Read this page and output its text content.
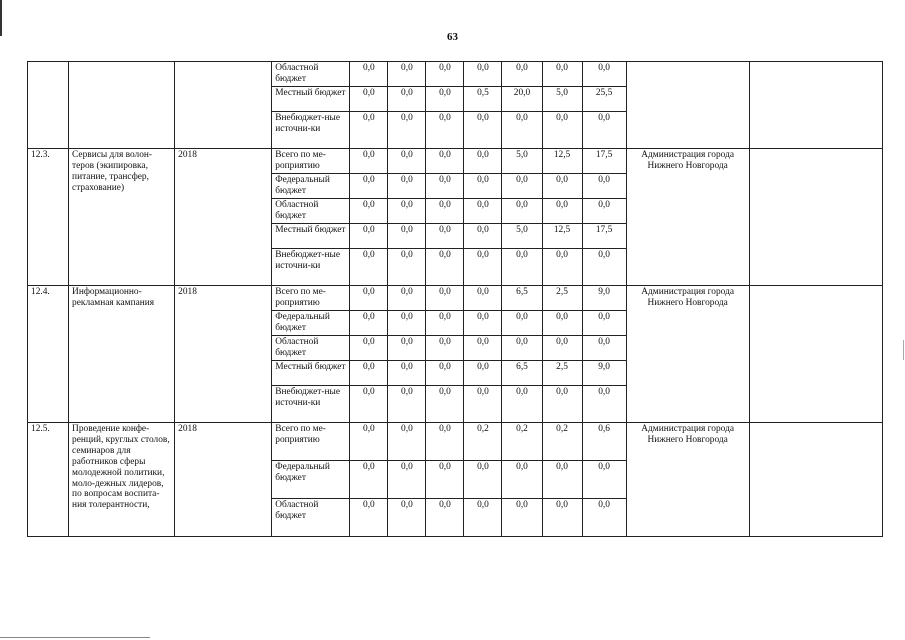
63
			Областной бюджет	0,0	0,0	0,0	0,0	0,0	0,0	0,0		
			Местный бюджет	0,0	0,0	0,0	0,5	20,0	5,0	25,5		
			Внебюджет-ные источни-ки	0,0	0,0	0,0	0,0	0,0	0,0	0,0		
12.3.	Сервисы для волон-теров (экипировка, питание, трансфер, страхование)	2018	Всего по ме-роприятию	0,0	0,0	0,0	0,0	5,0	12,5	17,5	Администрация города Нижнего Новгорода	
			Федеральный бюджет	0,0	0,0	0,0	0,0	0,0	0,0	0,0		
			Областной бюджет	0,0	0,0	0,0	0,0	0,0	0,0	0,0		
			Местный бюджет	0,0	0,0	0,0	0,0	5,0	12,5	17,5		
			Внебюджет-ные источни-ки	0,0	0,0	0,0	0,0	0,0	0,0	0,0		
12.4.	Информационно-рекламная кампания	2018	Всего по ме-роприятию	0,0	0,0	0,0	0,0	6,5	2,5	9,0	Администрация города Нижнего Новгорода	
			Федеральный бюджет	0,0	0,0	0,0	0,0	0,0	0,0	0,0		
			Областной бюджет	0,0	0,0	0,0	0,0	0,0	0,0	0,0		
			Местный бюджет	0,0	0,0	0,0	0,0	6,5	2,5	9,0		
			Внебюджет-ные источни-ки	0,0	0,0	0,0	0,0	0,0	0,0	0,0		
12.5.	Проведение конфе-ренций, круглых столов, семинаров для работников сферы молодежной политики, моло-дежных лидеров, по вопросам воспита-ния толерантности,	2018	Всего по ме-роприятию	0,0	0,0	0,0	0,2	0,2	0,2	0,6	Администрация города Нижнего Новгорода	
			Федеральный бюджет	0,0	0,0	0,0	0,0	0,0	0,0	0,0		
			Областной бюджет	0,0	0,0	0,0	0,0	0,0	0,0	0,0		
